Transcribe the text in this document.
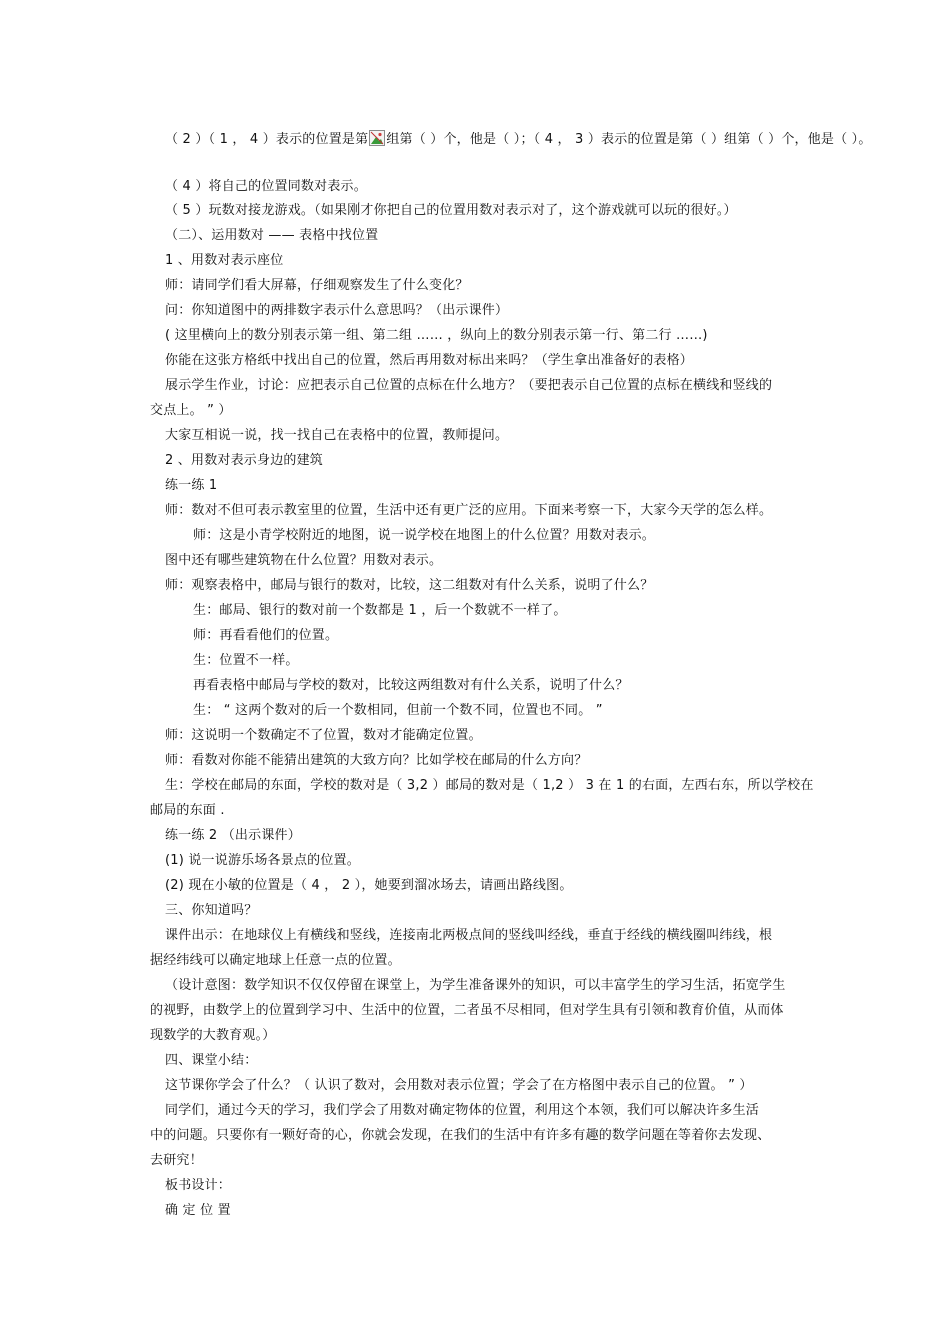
（ 2 ）（ 1 ， 4 ）表示的位置是第 组第（ ）个，他是（ ）；（ 4 ， 3 ）表示的位置是第（ ）组第（ ）个，他是（ ）。
（ 4 ）将自己的位置同数对表示。
（ 5 ）玩数对接龙游戏。（如果刚才你把自己的位置用数对表示对了，这个游戏就可以玩的很好。）
（二）、运用数对 —— 表格中找位置
1 、用数对表示座位
师：请同学们看大屏幕，仔细观察发生了什么变化？
问：你知道图中的两排数字表示什么意思吗？（出示课件）
( 这里横向上的数分别表示第一组、第二组 …… ，纵向上的数分别表示第一行、第二行 ……)
你能在这张方格纸中找出自己的位置，然后再用数对标出来吗？（学生拿出准备好的表格）
展示学生作业，讨论：应把表示自己位置的点标在什么地方？（要把表示自己位置的点标在横线和竖线的
交点上。 ” ）
大家互相说一说，找一找自己在表格中的位置，教师提问。
2 、用数对表示身边的建筑
练一练 1
师：数对不但可表示教室里的位置，生活中还有更广泛的应用。下面来考察一下，大家今天学的怎么样。
师：这是小青学校附近的地图，说一说学校在地图上的什么位置？用数对表示。
图中还有哪些建筑物在什么位置？用数对表示。
师：观察表格中，邮局与银行的数对，比较，这二组数对有什么关系，说明了什么？
生：邮局、银行的数对前一个数都是 1 ，后一个数就不一样了。
师：再看看他们的位置。
生：位置不一样。
再看表格中邮局与学校的数对，比较这两组数对有什么关系，说明了什么？
生： “ 这两个数对的后一个数相同，但前一个数不同，位置也不同。 ”
师：这说明一个数确定不了位置，数对才能确定位置。
师：看数对你能不能猜出建筑的大致方向？比如学校在邮局的什么方向？
生：学校在邮局的东面，学校的数对是（ 3,2 ）邮局的数对是（ 1,2 ） 3 在 1 的右面，左西右东，所以学校在
邮局的东面 .
练一练 2 （出示课件）
(1) 说一说游乐场各景点的位置。
(2) 现在小敏的位置是（ 4 ， 2 ），她要到溜冰场去，请画出路线图。
三、你知道吗？
课件出示：在地球仪上有横线和竖线，连接南北两极点间的竖线叫经线，垂直于经线的横线圈叫纬线，根
据经纬线可以确定地球上任意一点的位置。
（设计意图：数学知识不仅仅停留在课堂上，为学生准备课外的知识，可以丰富学生的学习生活，拓宽学生
的视野，由数学上的位置到学习中、生活中的位置，二者虽不尽相同，但对学生具有引领和教育价值，从而体
现数学的大教育观。）
四、课堂小结：
这节课你学会了什么？（ 认识了数对，会用数对表示位置；学会了在方格图中表示自己的位置。 ” ）
同学们，通过今天的学习，我们学会了用数对确定物体的位置，利用这个本领，我们可以解决许多生活
中的问题。只要你有一颗好奇的心，你就会发现，在我们的生活中有许多有趣的数学问题在等着你去发现、
去研究！
板书设计：
确 定 位 置
